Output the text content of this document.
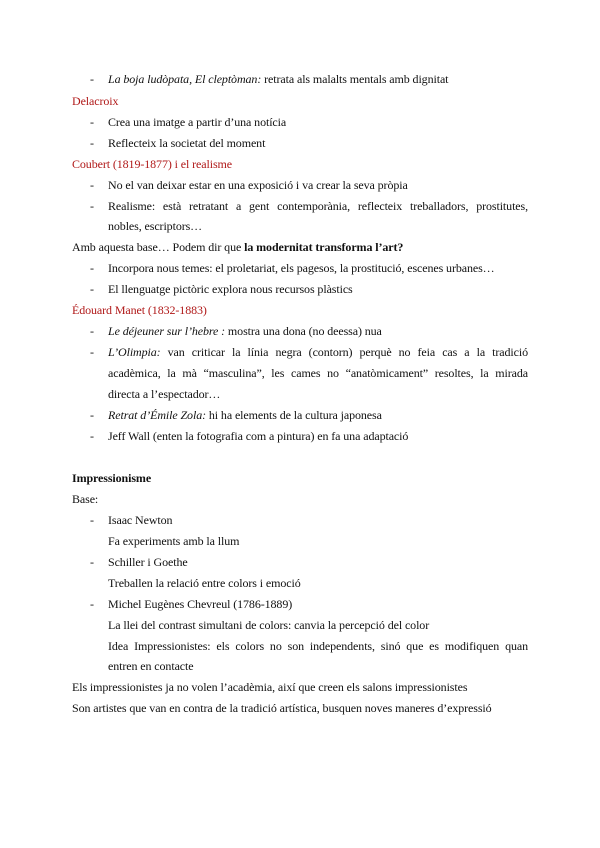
- La boja ludòpata, El cleptòman: retrata als malalts mentals amb dignitat
Delacroix
- Crea una imatge a partir d’una notícia
- Reflecteix la societat del moment
Coubert (1819-1877) i el realisme
- No el van deixar estar en una exposició i va crear la seva pròpia
- Realisme: està retratant a gent contemporània, reflecteix treballadors, prostitutes,
nobles, escriptors…
Amb aquesta base… Podem dir que la modernitat transforma l’art?
- Incorpora nous temes: el proletariat, els pagesos, la prostitució, escenes urbanes…
- El llenguatge pictòric explora nous recursos plàstics
Édouard Manet (1832-1883)
- Le déjeuner sur l’hebre : mostra una dona (no deessa) nua
- L’Olimpia: van criticar la línia negra (contorn) perquè no feia cas a la tradició
acadèmica, la mà “masculina”, les cames no “anatòmicament” resoltes, la mirada
directa a l’espectador…
- Retrat d’Émile Zola: hi ha elements de la cultura japonesa
- Jeff Wall (enten la fotografia com a pintura) en fa una adaptació
Impressionisme
Base:
- Isaac Newton
Fa experiments amb la llum
- Schiller i Goethe
Treballen la relació entre colors i emoció
- Michel Eugènes Chevreul (1786-1889)
La llei del contrast simultani de colors: canvia la percepció del color
Idea Impressionistes: els colors no son independents, sinó que es modifiquen quan
entren en contacte
Els impressionistes ja no volen l’acadèmia, així que creen els salons impressionistes
Son artistes que van en contra de la tradició artística, busquen noves maneres d’expressió
